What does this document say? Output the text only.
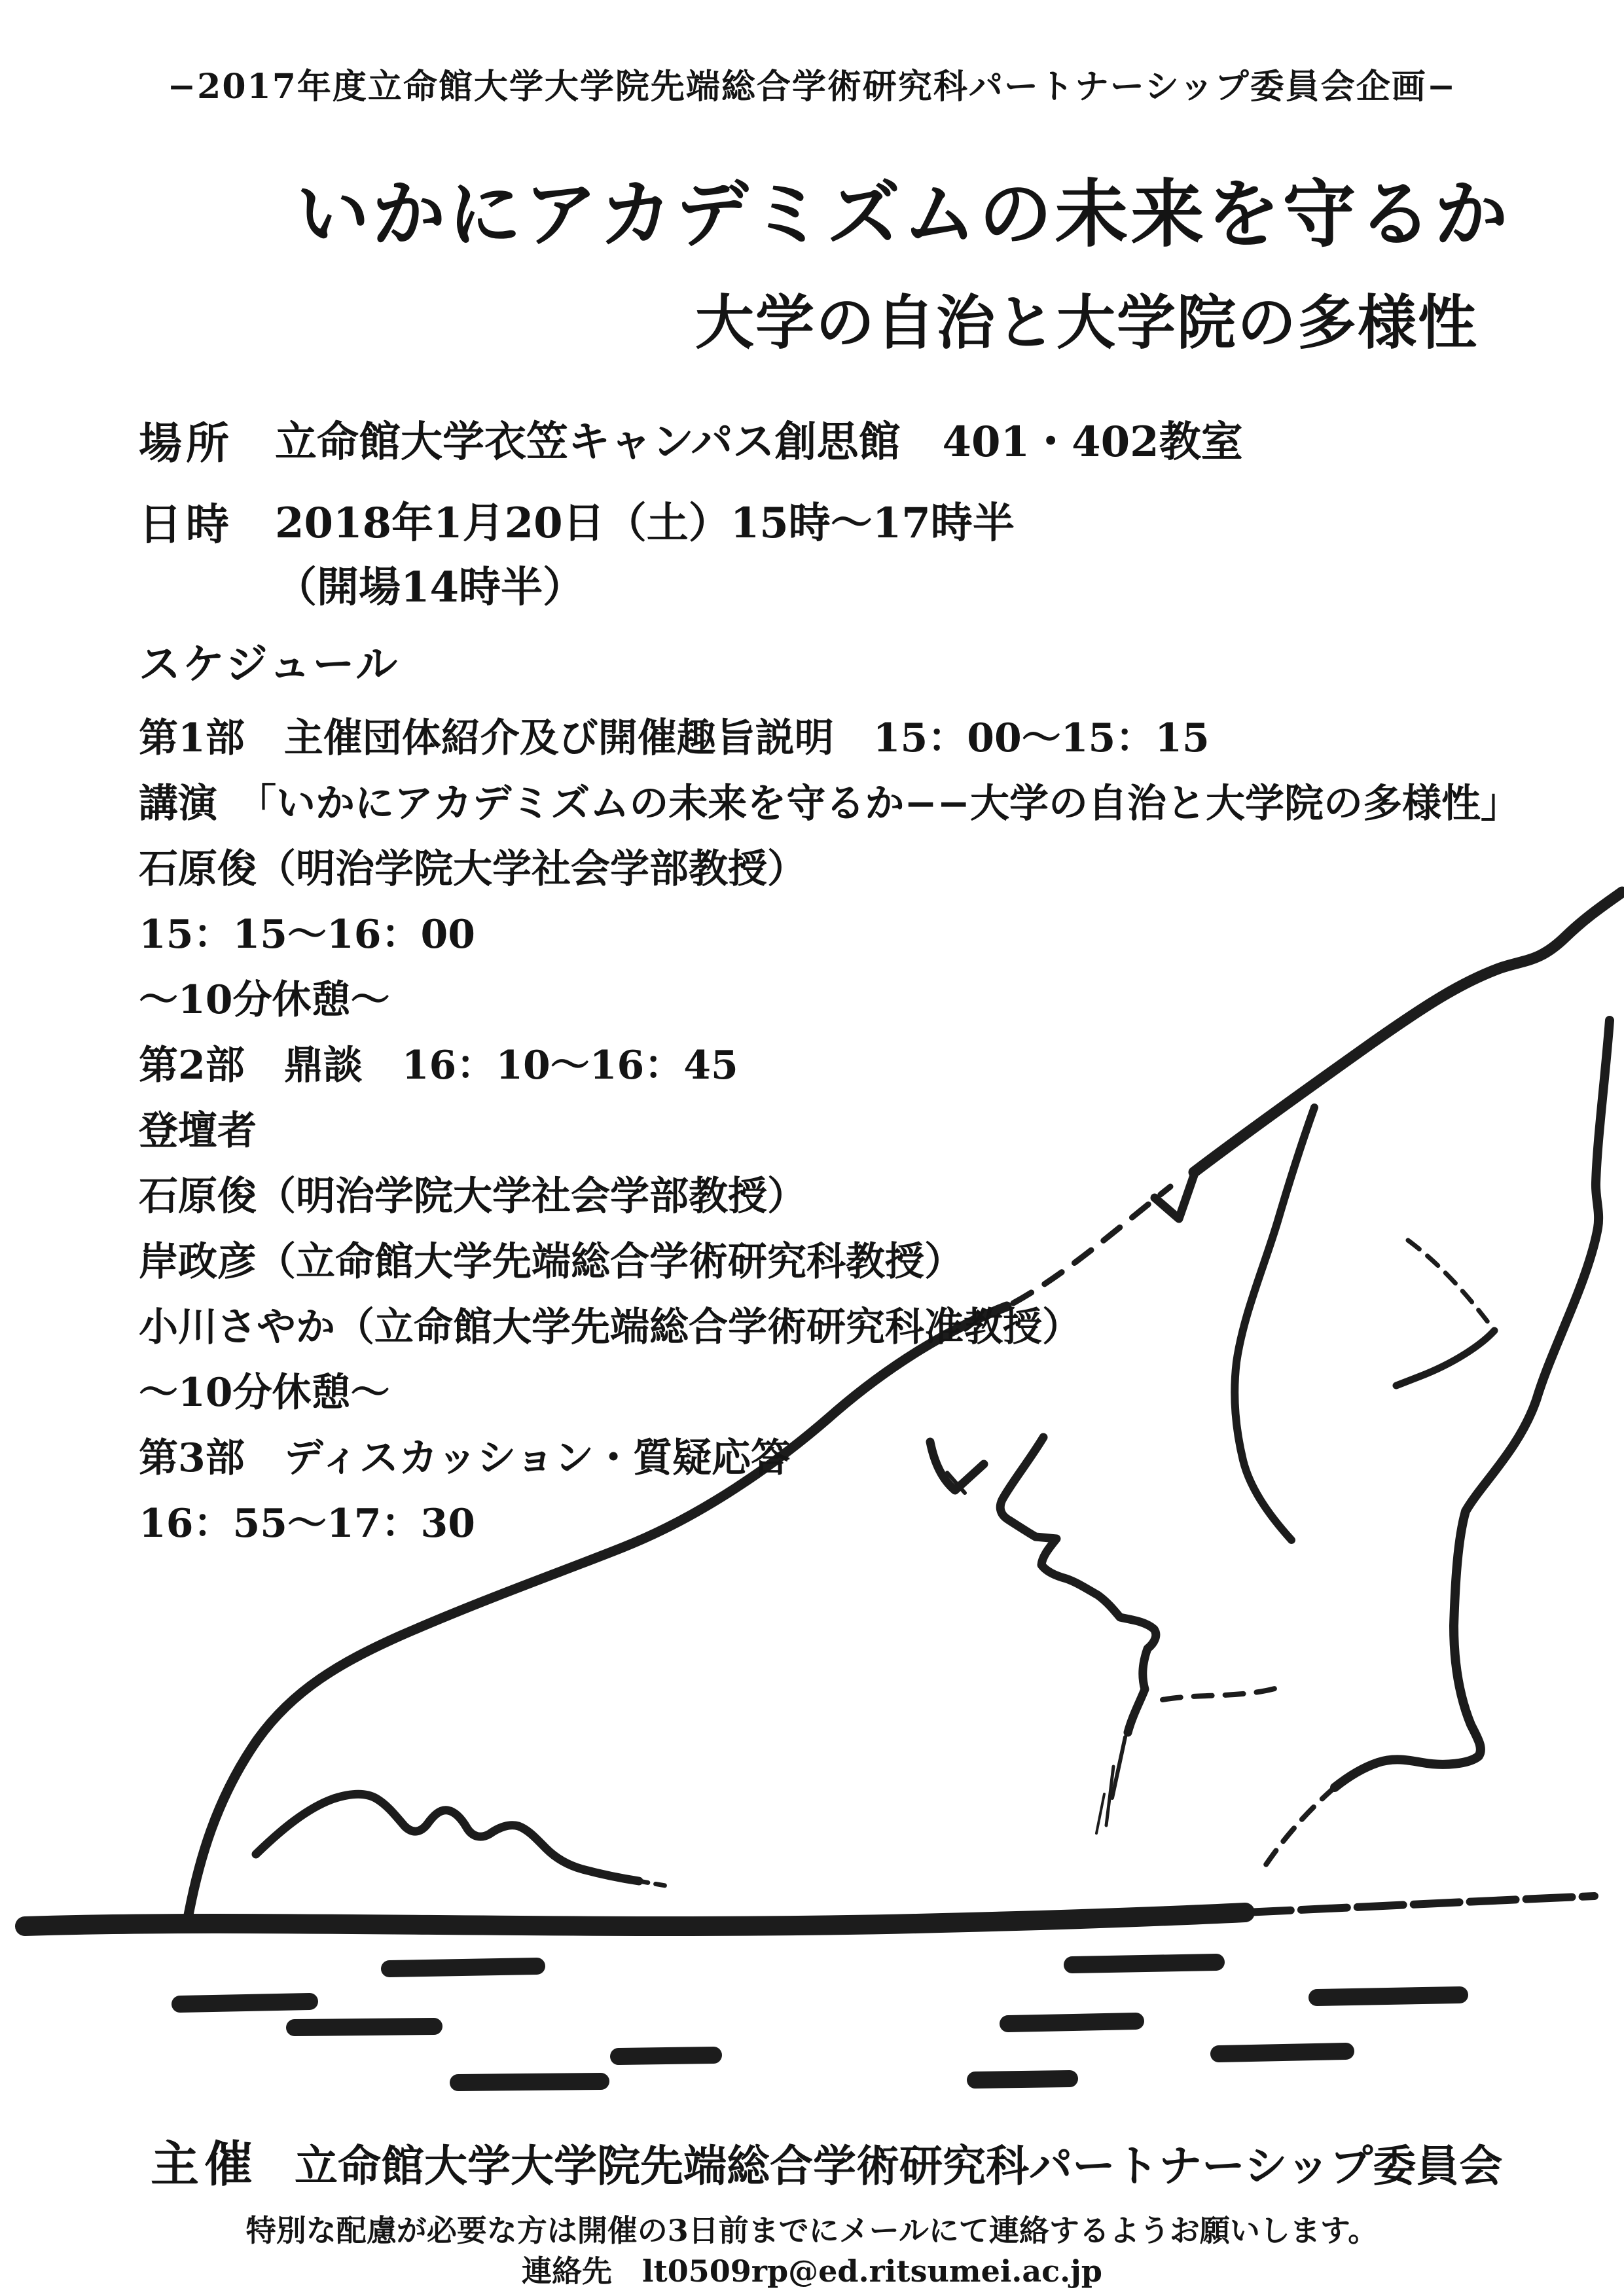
−2017年度立命館大学大学院先端総合学術研究科パートナーシップ委員会企画−
いかにアカデミズムの未来を守るか
大学の自治と大学院の多様性
場所 立命館大学衣笠キャンパス創思館　401・402教室
日時 2018年1月20日（土）15時〜17時半
（開場14時半）
スケジュール
第1部　主催団体紹介及び開催趣旨説明　15：00〜15：15
講演　「いかにアカデミズムの未来を守るか−−大学の自治と大学院の多様性」
石原俊（明治学院大学社会学部教授）
15：15〜16：00
〜10分休憩〜
第2部　鼎談　16：10〜16：45
登壇者
石原俊（明治学院大学社会学部教授）
岸政彦（立命館大学先端総合学術研究科教授）
小川さやか（立命館大学先端総合学術研究科准教授）
〜10分休憩〜
第3部　ディスカッション・質疑応答
16：55〜17：30
主催 立命館大学大学院先端総合学術研究科パートナーシップ委員会
特別な配慮が必要な方は開催の3日前までにメールにて連絡するようお願いします。
連絡先　lt0509rp@ed.ritsumei.ac.jp
